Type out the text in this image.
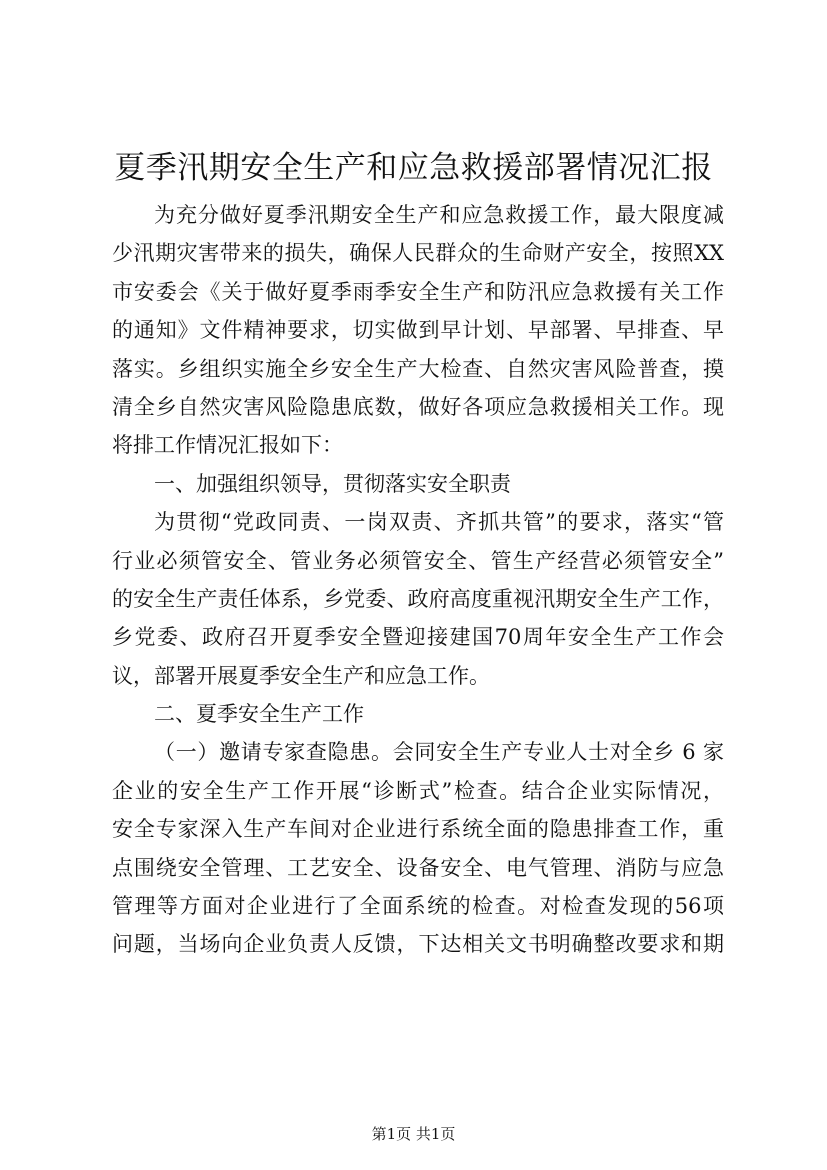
夏季汛期安全生产和应急救援部署情况汇报
为充分做好夏季汛期安全生产和应急救援工作，最大限度减
少汛期灾害带来的损失，确保人民群众的生命财产安全，按照XX
市安委会《关于做好夏季雨季安全生产和防汛应急救援有关工作
的通知》文件精神要求，切实做到早计划、早部署、早排查、早
落实。乡组织实施全乡安全生产大检查、自然灾害风险普查，摸
清全乡自然灾害风险隐患底数，做好各项应急救援相关工作。现
将排工作情况汇报如下：
一、加强组织领导，贯彻落实安全职责
为贯彻“党政同责、一岗双责、齐抓共管”的要求，落实“管
行业必须管安全、管业务必须管安全、管生产经营必须管安全”
的安全生产责任体系，乡党委、政府高度重视汛期安全生产工作，
乡党委、政府召开夏季安全暨迎接建国70周年安全生产工作会
议，部署开展夏季安全生产和应急工作。
二、夏季安全生产工作
（一）邀请专家查隐患。会同安全生产专业人士对全乡 6 家
企业的安全生产工作开展“诊断式”检查。结合企业实际情况，
安全专家深入生产车间对企业进行系统全面的隐患排查工作，重
点围绕安全管理、工艺安全、设备安全、电气管理、消防与应急
管理等方面对企业进行了全面系统的检查。对检查发现的56项
问题，当场向企业负责人反馈，下达相关文书明确整改要求和期
第1页 共1页
